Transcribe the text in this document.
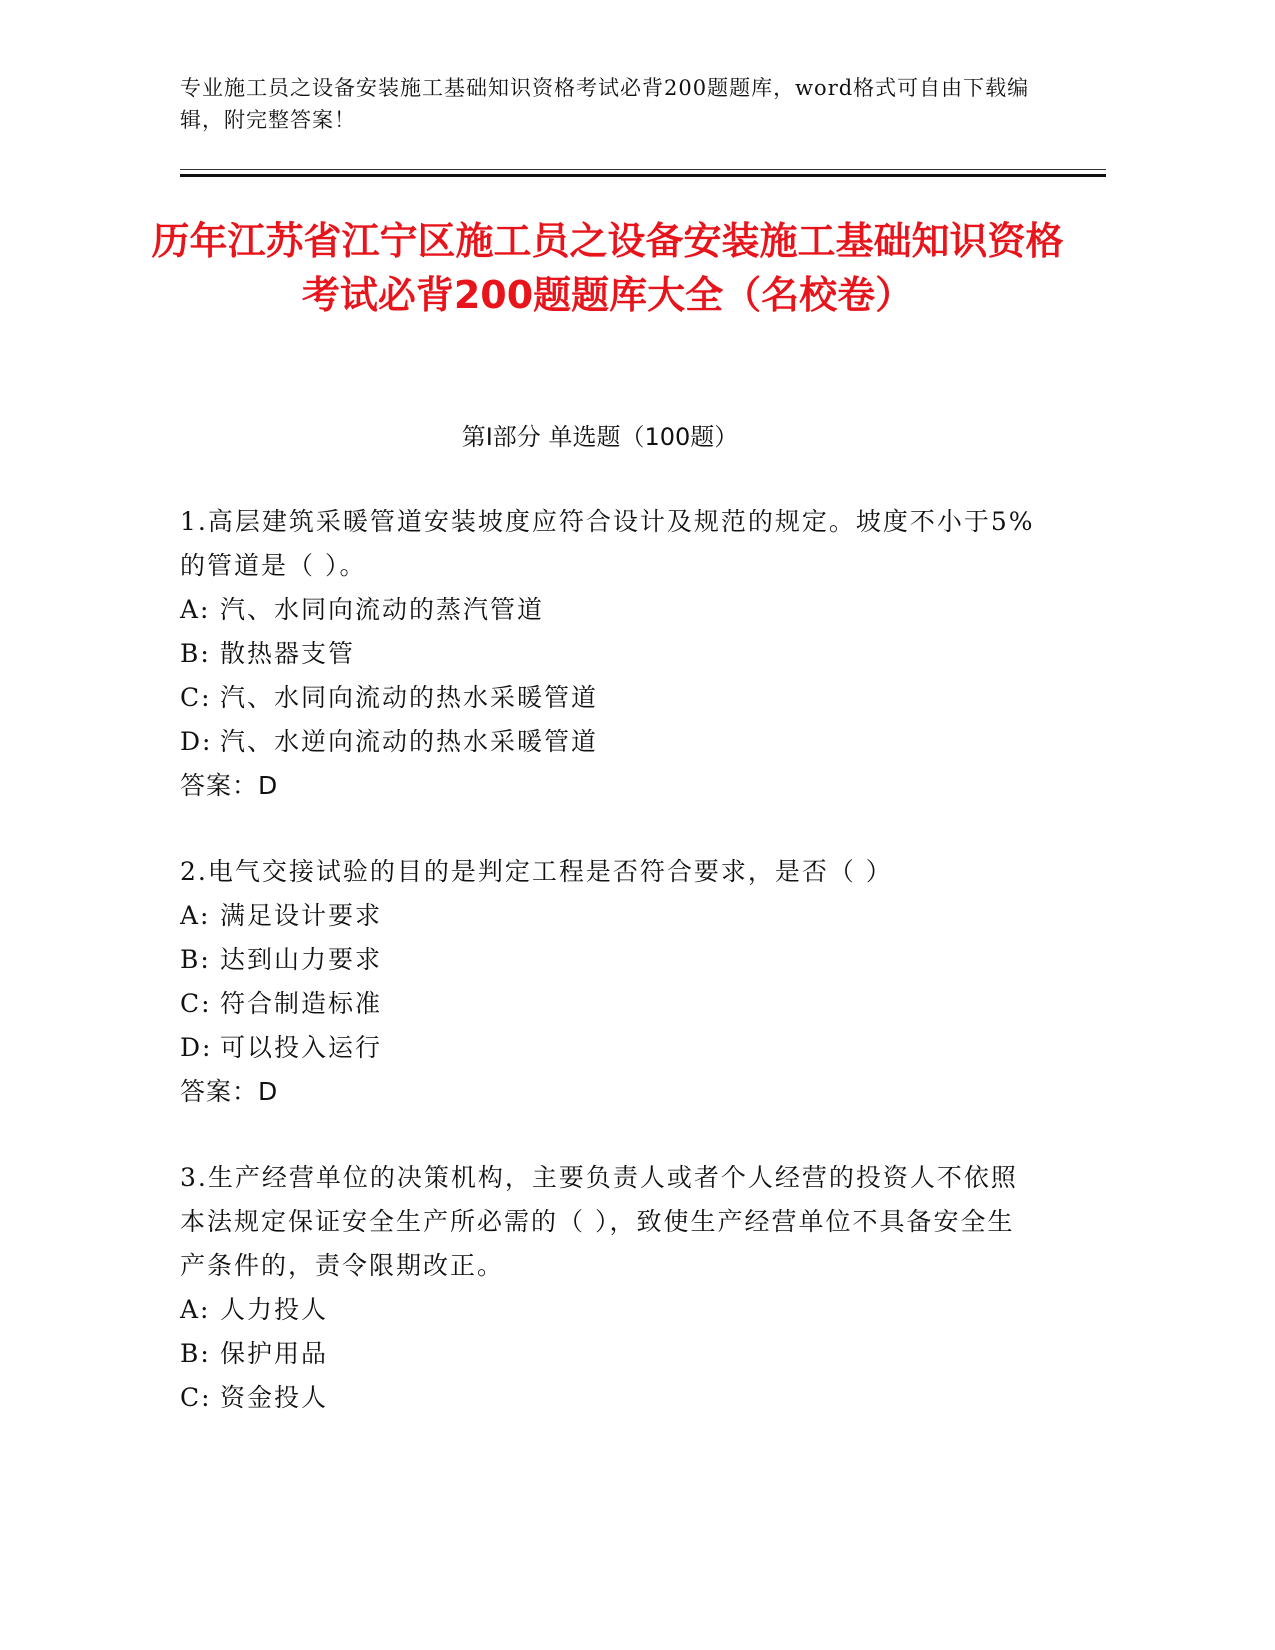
专业施工员之设备安装施工基础知识资格考试必背200题题库，word格式可自由下载编辑，附完整答案！
历年江苏省江宁区施工员之设备安装施工基础知识资格考试必背200题题库大全（名校卷）
第Ⅰ部分 单选题（100题）

1.高层建筑采暖管道安装坡度应符合设计及规范的规定。坡度不小于5%的管道是（ ）。

A: 汽、水同向流动的蒸汽管道

B: 散热器支管

C: 汽、水同向流动的热水采暖管道

D: 汽、水逆向流动的热水采暖管道

答案：D

2.电气交接试验的目的是判定工程是否符合要求，是否（ ）

A: 满足设计要求

B: 达到山力要求

C: 符合制造标准

D: 可以投入运行

答案：D

3.生产经营单位的决策机构，主要负责人或者个人经营的投资人不依照本法规定保证安全生产所必需的（ ），致使生产经营单位不具备安全生产条件的，责令限期改正。

A: 人力投人

B: 保护用品

C: 资金投人
